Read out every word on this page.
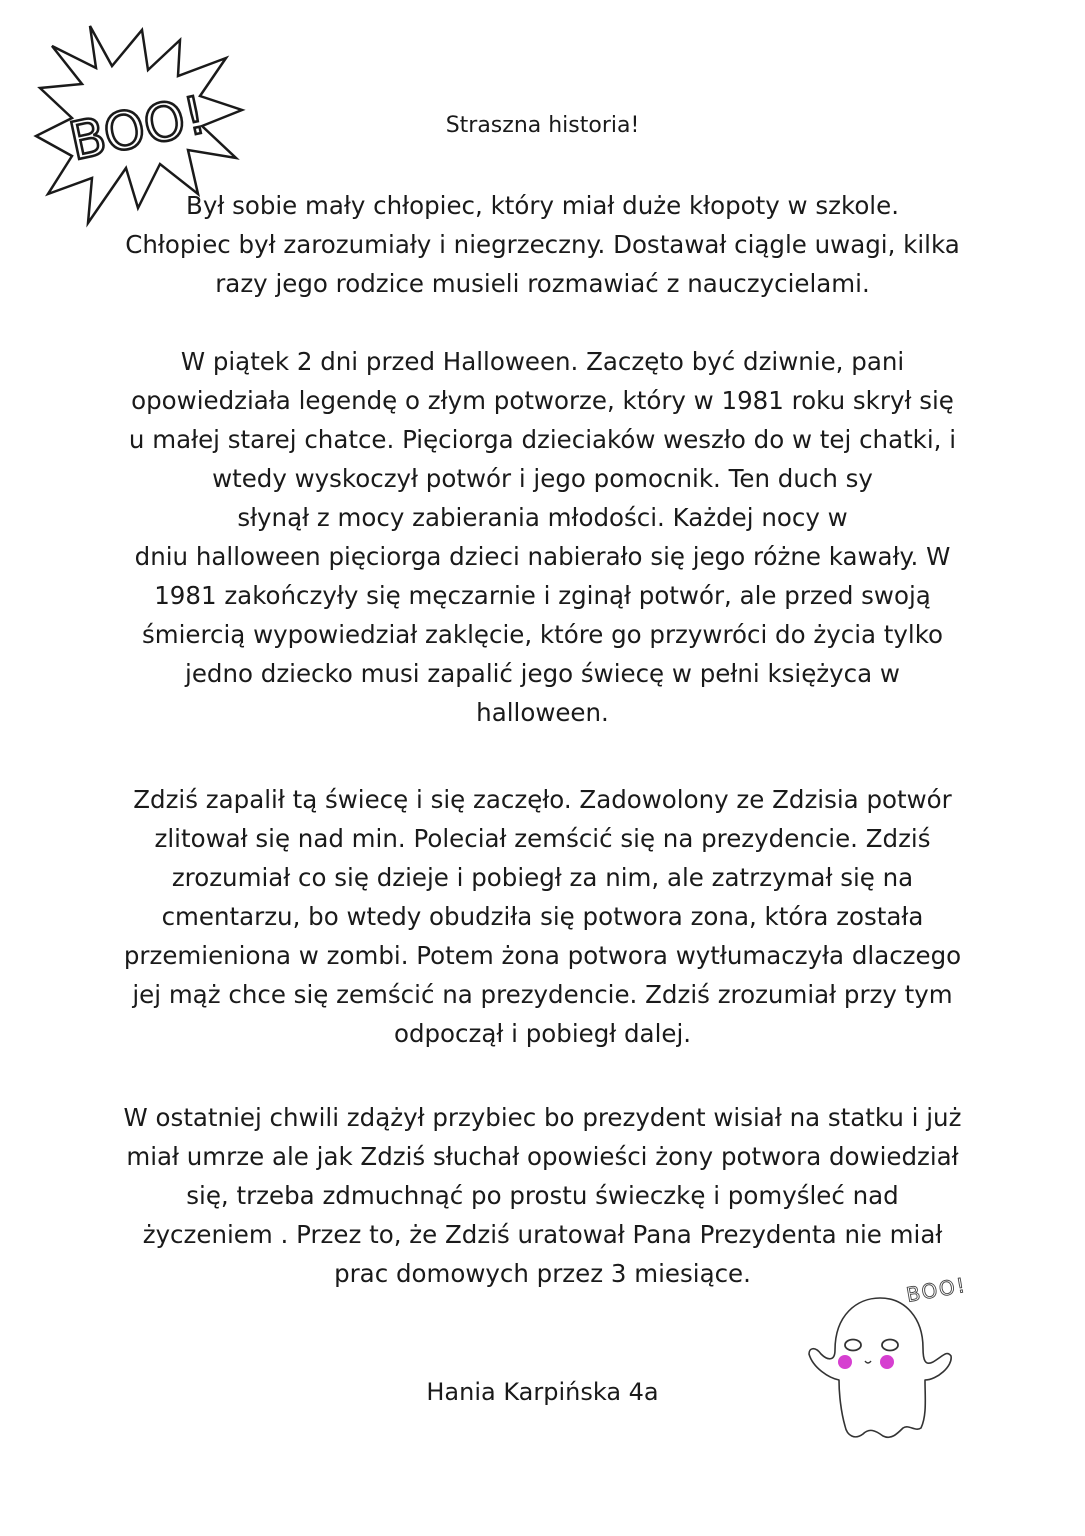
BOO!	Straszna historia!
Był sobie mały chłopiec, który miał duże kłopoty w szkole.
Chłopiec był zarozumiały i niegrzeczny. Dostawał ciągle uwagi, kilka
razy jego rodzice musieli rozmawiać z nauczycielami.
W piątek 2 dni przed Halloween. Zaczęto być dziwnie, pani
opowiedziała legendę o złym potworze, który w 1981 roku skrył się
u małej starej chatce. Pięciorga dzieciaków weszło do w tej chatki, i
wtedy wyskoczył potwór i jego pomocnik. Ten duch sy
słynął z mocy zabierania młodości. Każdej nocy w
dniu halloween pięciorga dzieci nabierało się jego różne kawały. W
1981 zakończyły się męczarnie i zginął potwór, ale przed swoją
śmiercią wypowiedział zaklęcie, które go przywróci do życia tylko
jedno dziecko musi zapalić jego świecę w pełni księżyca w
halloween.
Zdziś zapalił tą świecę i się zaczęło. Zadowolony ze Zdzisia potwór
zlitował się nad min. Poleciał zemścić się na prezydencie. Zdziś
zrozumiał co się dzieje i pobiegł za nim, ale zatrzymał się na
cmentarzu, bo wtedy obudziła się potwora zona, która została
przemieniona w zombi. Potem żona potwora wytłumaczyła dlaczego
jej mąż chce się zemścić na prezydencie. Zdziś zrozumiał przy tym
odpoczął i pobiegł dalej.
W ostatniej chwili zdążył przybiec bo prezydent wisiał na statku i już
miał umrze ale jak Zdziś słuchał opowieści żony potwora dowiedział
się, trzeba zdmuchnąć po prostu świeczkę i pomyśleć nad
życzeniem . Przez to, że Zdziś uratował Pana Prezydenta nie miał
prac domowych przez 3 miesiące.
Hania Karpińska 4a
BOO!
